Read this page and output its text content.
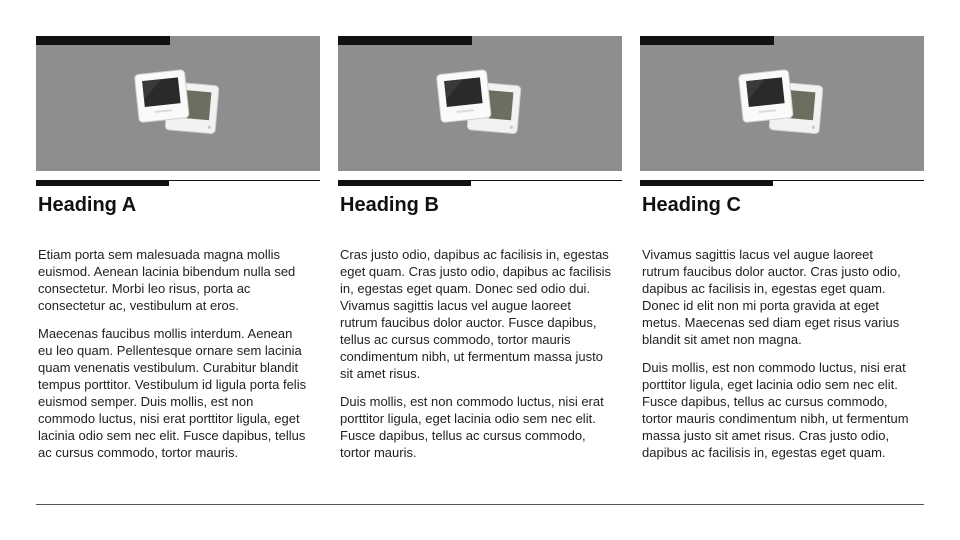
Heading A

Etiam porta sem malesuada magna mollis euismod. Aenean lacinia bibendum nulla sed consectetur. Morbi leo risus, porta ac consectetur ac, vestibulum at eros.

Maecenas faucibus mollis interdum. Aenean eu leo quam. Pellentesque ornare sem lacinia quam venenatis vestibulum. Curabitur blandit tempus porttitor. Vestibulum id ligula porta felis euismod semper. Duis mollis, est non commodo luctus, nisi erat porttitor ligula, eget lacinia odio sem nec elit. Fusce dapibus, tellus ac cursus commodo, tortor mauris.

Heading B

Cras justo odio, dapibus ac facilisis in, egestas eget quam. Cras justo odio, dapibus ac facilisis in, egestas eget quam. Donec sed odio dui. Vivamus sagittis lacus vel augue laoreet rutrum faucibus dolor auctor. Fusce dapibus, tellus ac cursus commodo, tortor mauris condimentum nibh, ut fermentum massa justo sit amet risus.

Duis mollis, est non commodo luctus, nisi erat porttitor ligula, eget lacinia odio sem nec elit. Fusce dapibus, tellus ac cursus commodo, tortor mauris.

Heading C

Vivamus sagittis lacus vel augue laoreet rutrum faucibus dolor auctor. Cras justo odio, dapibus ac facilisis in, egestas eget quam. Donec id elit non mi porta gravida at eget metus. Maecenas sed diam eget risus varius blandit sit amet non magna.

Duis mollis, est non commodo luctus, nisi erat porttitor ligula, eget lacinia odio sem nec elit. Fusce dapibus, tellus ac cursus commodo, tortor mauris condimentum nibh, ut fermentum massa justo sit amet risus. Cras justo odio, dapibus ac facilisis in, egestas eget quam.
